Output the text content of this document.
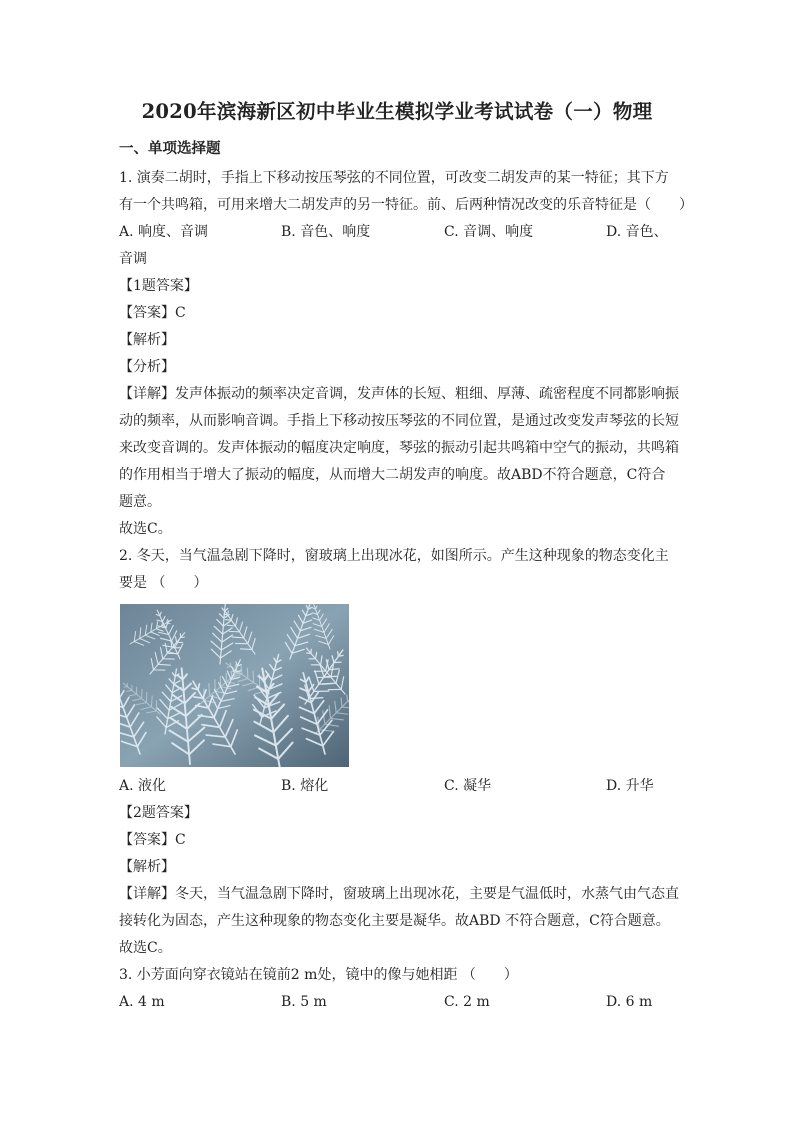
2020年滨海新区初中毕业生模拟学业考试试卷（一）物理
一、单项选择题
1. 演奏二胡时，手指上下移动按压琴弦的不同位置，可改变二胡发声的某一特征；其下方
有一个共鸣箱，可用来增大二胡发声的另一特征。前、后两种情况改变的乐音特征是（　　）
A. 响度、音调	B. 音色、响度	C. 音调、响度	D. 音色、
音调
【1题答案】
【答案】C
【解析】
【分析】
【详解】发声体振动的频率决定音调，发声体的长短、粗细、厚薄、疏密程度不同都影响振
动的频率，从而影响音调。手指上下移动按压琴弦的不同位置，是通过改变发声琴弦的长短
来改变音调的。发声体振动的幅度决定响度，琴弦的振动引起共鸣箱中空气的振动，共鸣箱
的作用相当于增大了振动的幅度，从而增大二胡发声的响度。故ABD不符合题意，C符合
题意。
故选C。
2. 冬天，当气温急剧下降时，窗玻璃上出现冰花，如图所示。产生这种现象的物态变化主
要是 （　　）
A. 液化	B. 熔化	C. 凝华	D. 升华
【2题答案】
【答案】C
【解析】
【详解】冬天，当气温急剧下降时，窗玻璃上出现冰花，主要是气温低时，水蒸气由气态直
接转化为固态，产生这种现象的物态变化主要是凝华。故ABD 不符合题意，C符合题意。
故选C。
3. 小芳面向穿衣镜站在镜前2 m处，镜中的像与她相距 （　　）
A. 4 m	B. 5 m	C. 2 m	D. 6 m
